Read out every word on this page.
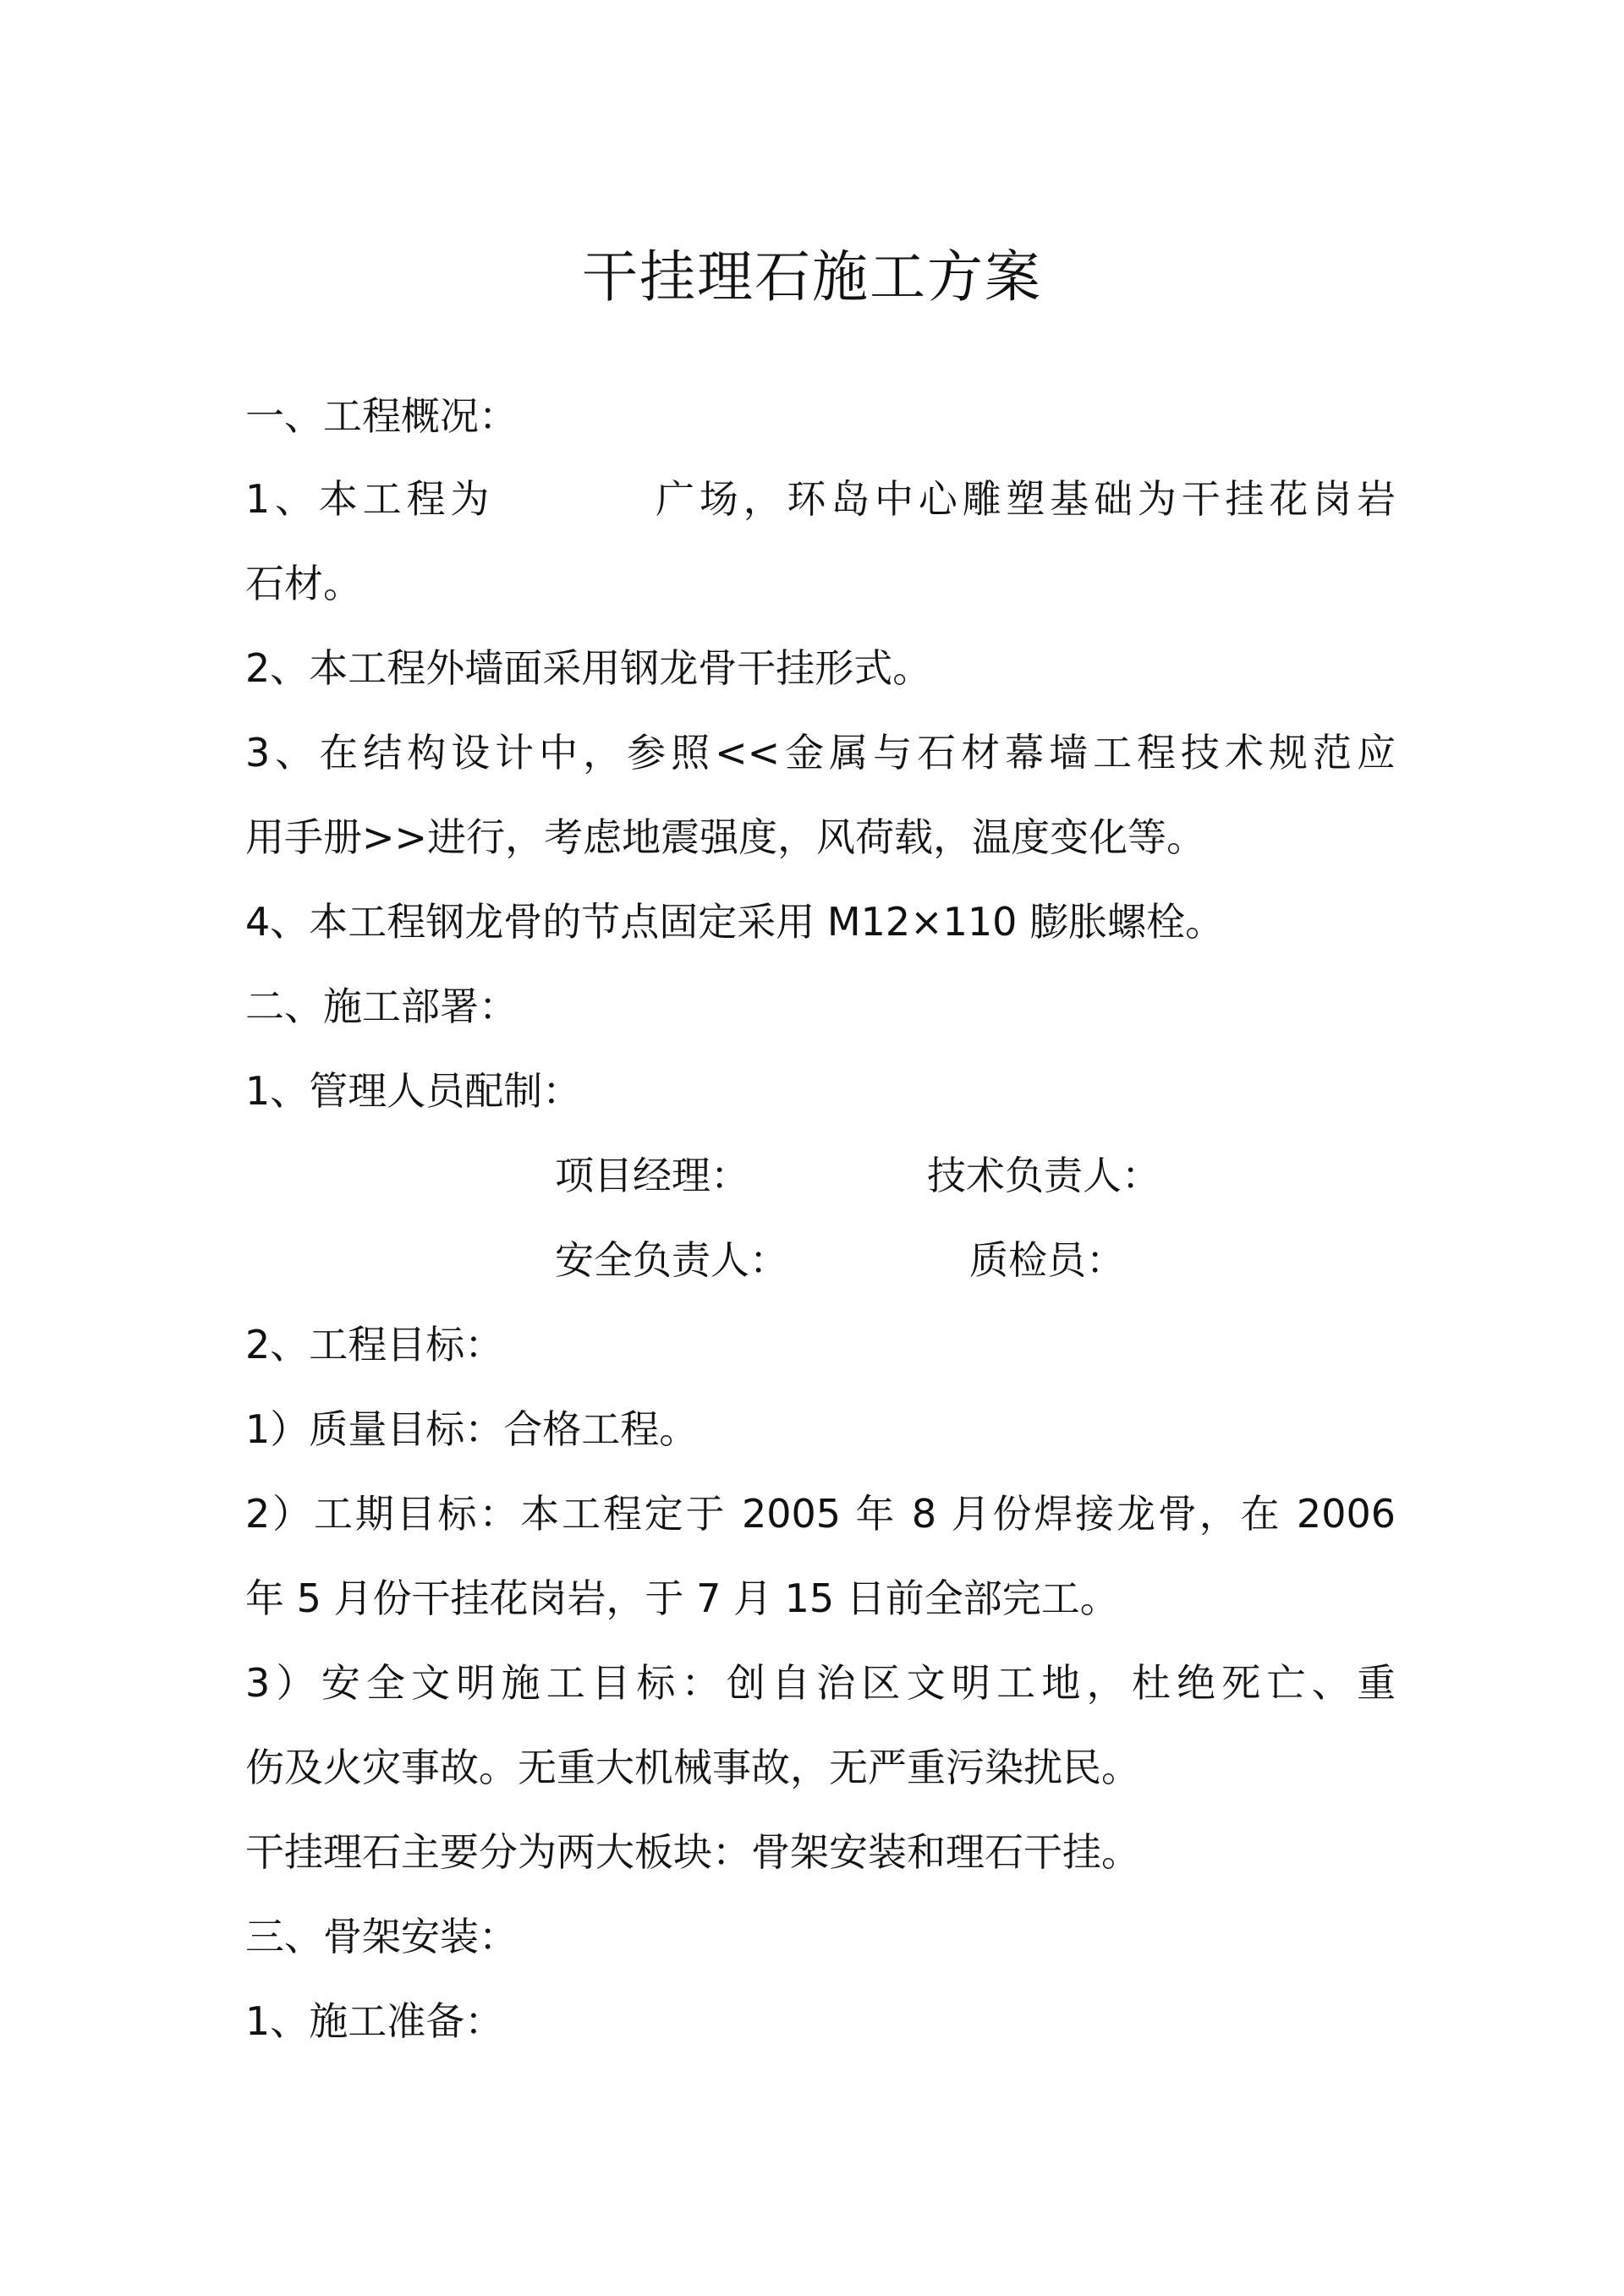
干挂理石施工方案
一、工程概况：
1、本工程为	广场，环岛中心雕塑基础为干挂花岗岩
石材。
2、本工程外墙面采用钢龙骨干挂形式。
3、在结构设计中，参照<<金属与石材幕墙工程技术规范应
用手册>>进行，考虑地震强度，风荷载，温度变化等。
4、本工程钢龙骨的节点固定采用 M12×110 膨胀螺栓。
二、施工部署：
1、管理人员配制：
项目经理：	技术负责人：
安全负责人：	质检员：
2、工程目标：
1）质量目标：合格工程。
2）工期目标：本工程定于 2005 年 8 月份焊接龙骨，在 2006
年 5 月份干挂花岗岩，于 7 月 15 日前全部完工。
3）安全文明施工目标：创自治区文明工地，杜绝死亡、重
伤及火灾事故。无重大机械事故，无严重污染扰民。
干挂理石主要分为两大板块：骨架安装和理石干挂。
三、骨架安装：
1、施工准备：
